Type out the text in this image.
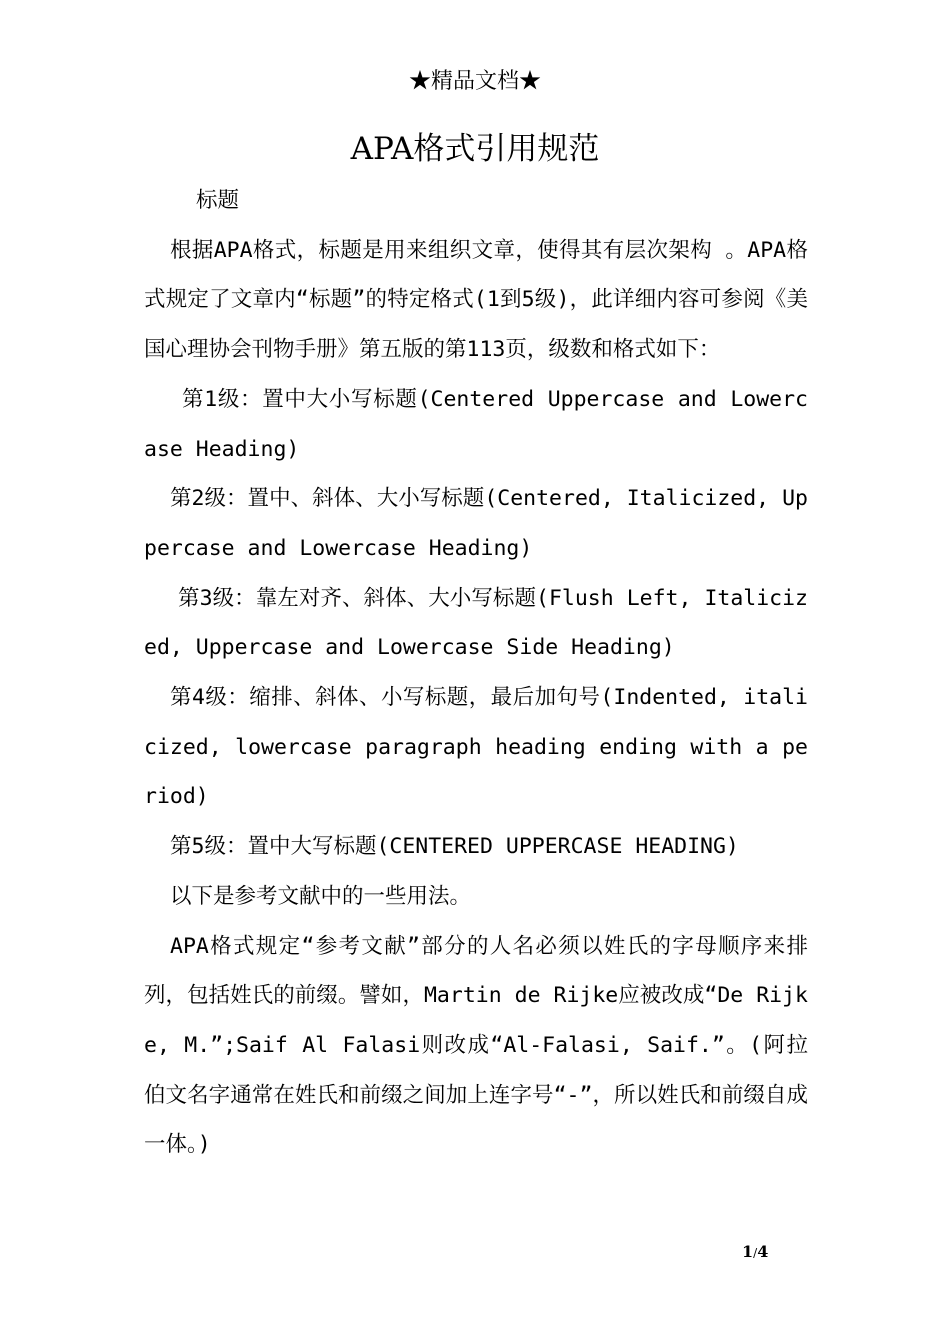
★精品文档★
APA格式引用规范

标题

根据APA格式，标题是用来组织文章，使得其有层次架构 。APA格式规定了文章内“标题”的特定格式(1到5级)，此详细内容可参阅《美国心理协会刊物手册》第五版的第113页，级数和格式如下：

第1级：置中大小写标题(Centered Uppercase and Lowercase Heading)

第2级：置中、斜体、大小写标题(Centered, Italicized, Uppercase and Lowercase Heading)

第3级：靠左对齐、斜体、大小写标题(Flush Left, Italicized, Uppercase and Lowercase Side Heading)

第4级：缩排、斜体、小写标题，最后加句号(Indented, italicized, lowercase paragraph heading ending with a period)

第5级：置中大写标题(CENTERED UPPERCASE HEADING)

以下是参考文献中的一些用法。

APA格式规定“参考文献”部分的人名必须以姓氏的字母顺序来排列，包括姓氏的前缀。譬如，Martin de Rijke应被改成“De Rijke, M.”;Saif Al Falasi则改成“Al-Falasi, Saif.”。(阿拉伯文名字通常在姓氏和前缀之间加上连字号“-”，所以姓氏和前缀自成一体。)

1/4
